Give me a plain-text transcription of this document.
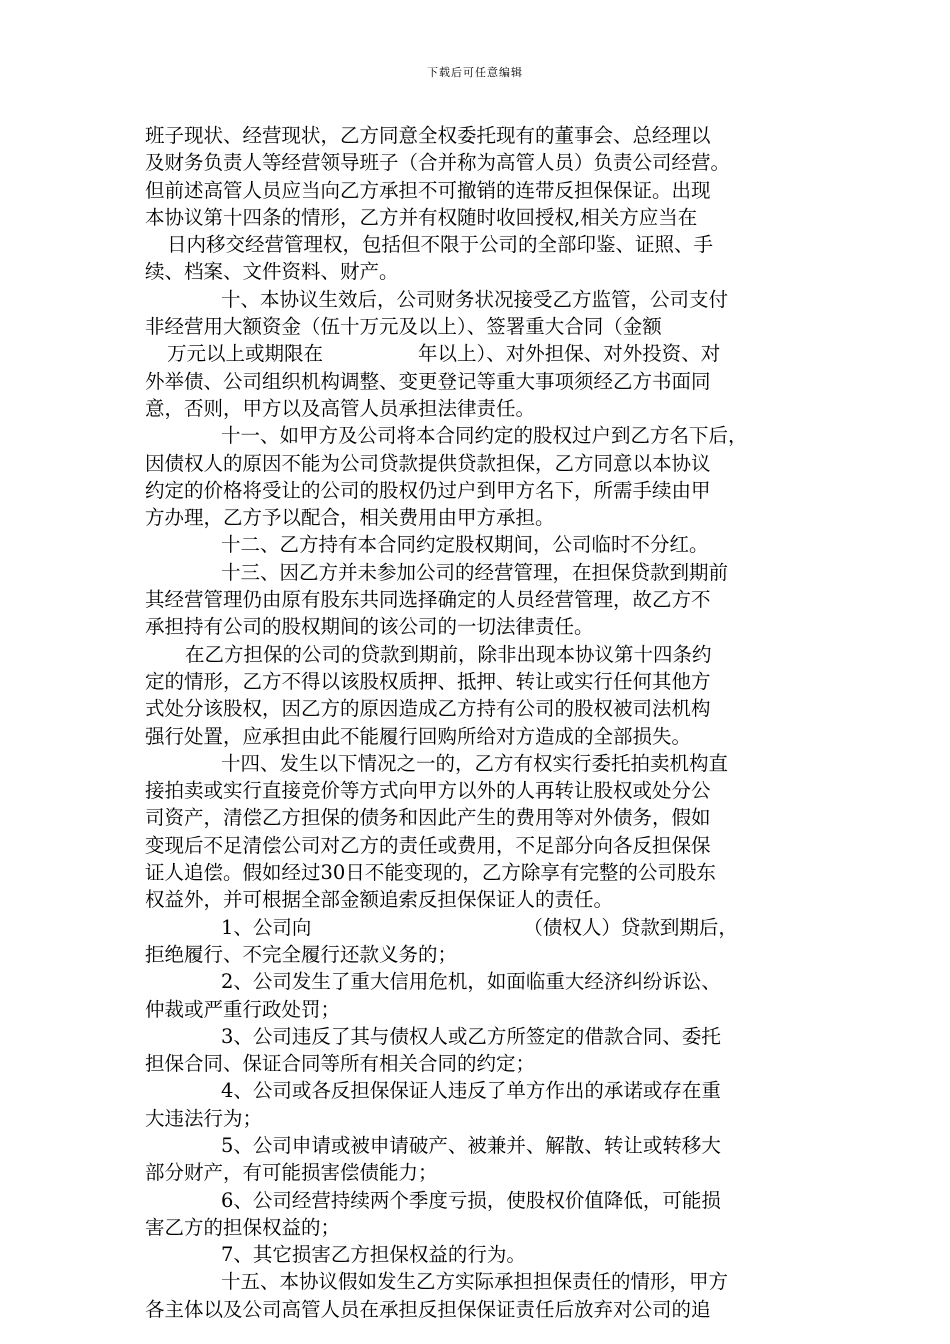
下载后可任意编辑
班子现状、经营现状，乙方同意全权委托现有的董事会、总经理以
及财务负责人等经营领导班子（合并称为高管人员）负责公司经营。
但前述高管人员应当向乙方承担不可撤销的连带反担保保证。出现
本协议第十四条的情形，乙方并有权随时收回授权,相关方应当在
日内移交经营管理权，包括但不限于公司的全部印鉴、证照、手
续、档案、文件资料、财产。
十、本协议生效后，公司财务状况接受乙方监管，公司支付
非经营用大额资金（伍十万元及以上）、签署重大合同（金额
万元以上或期限在	年以上）、对外担保、对外投资、对
外举债、公司组织机构调整、变更登记等重大事项须经乙方书面同
意，否则，甲方以及高管人员承担法律责任。
十一、如甲方及公司将本合同约定的股权过户到乙方名下后，
因债权人的原因不能为公司贷款提供贷款担保，乙方同意以本协议
约定的价格将受让的公司的股权仍过户到甲方名下，所需手续由甲
方办理，乙方予以配合，相关费用由甲方承担。
十二、乙方持有本合同约定股权期间，公司临时不分红。
十三、因乙方并未参加公司的经营管理，在担保贷款到期前
其经营管理仍由原有股东共同选择确定的人员经营管理，故乙方不
承担持有公司的股权期间的该公司的一切法律责任。
在乙方担保的公司的贷款到期前，除非出现本协议第十四条约
定的情形，乙方不得以该股权质押、抵押、转让或实行任何其他方
式处分该股权，因乙方的原因造成乙方持有公司的股权被司法机构
强行处置，应承担由此不能履行回购所给对方造成的全部损失。
十四、发生以下情况之一的，乙方有权实行委托拍卖机构直
接拍卖或实行直接竞价等方式向甲方以外的人再转让股权或处分公
司资产，清偿乙方担保的债务和因此产生的费用等对外债务，假如
变现后不足清偿公司对乙方的责任或费用，不足部分向各反担保保
证人追偿。假如经过30日不能变现的，乙方除享有完整的公司股东
权益外，并可根据全部金额追索反担保保证人的责任。
1、公司向	（债权人）贷款到期后，
拒绝履行、不完全履行还款义务的；
2、公司发生了重大信用危机，如面临重大经济纠纷诉讼、
仲裁或严重行政处罚；
3、公司违反了其与债权人或乙方所签定的借款合同、委托
担保合同、保证合同等所有相关合同的约定；
4、公司或各反担保保证人违反了单方作出的承诺或存在重
大违法行为；
5、公司申请或被申请破产、被兼并、解散、转让或转移大
部分财产，有可能损害偿债能力；
6、公司经营持续两个季度亏损，使股权价值降低，可能损
害乙方的担保权益的；
7、其它损害乙方担保权益的行为。
十五、本协议假如发生乙方实际承担担保责任的情形，甲方
各主体以及公司高管人员在承担反担保保证责任后放弃对公司的追
